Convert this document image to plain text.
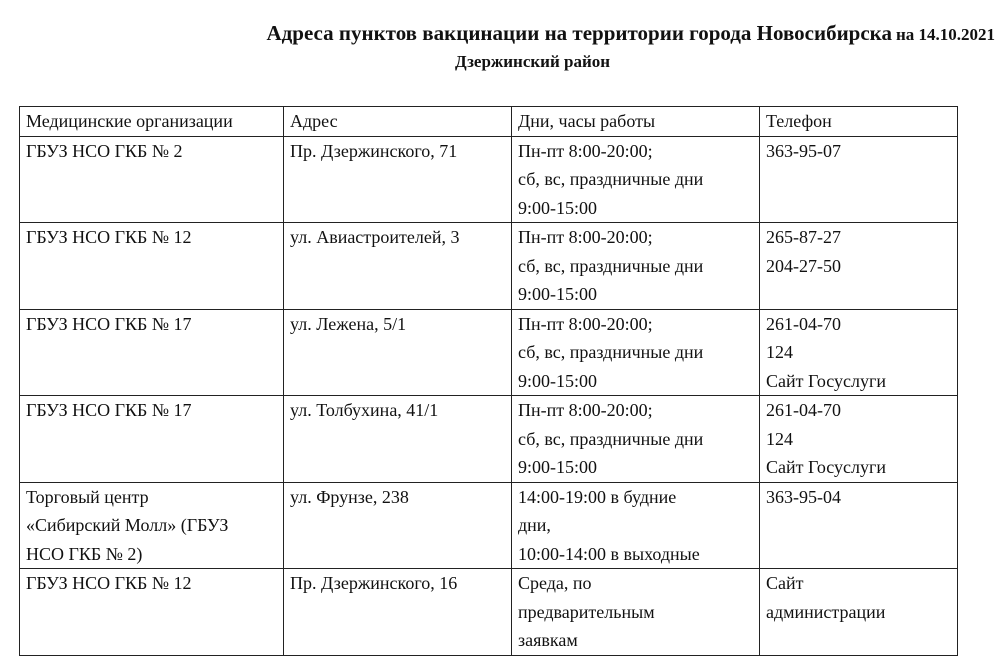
Адреса пунктов вакцинации на территории города Новосибирска на 14.10.2021
Дзержинский район
Медицинские организации	Адрес	Дни, часы работы	Телефон

ГБУЗ НСО ГКБ № 2	Пр. Дзержинского, 71	Пн-пт 8:00-20:00;
сб, вс, праздничные дни
9:00-15:00	363-95-07

ГБУЗ НСО ГКБ № 12	ул. Авиастроителей, 3	Пн-пт 8:00-20:00;
сб, вс, праздничные дни
9:00-15:00	265-87-27
204-27-50

ГБУЗ НСО ГКБ № 17	ул. Лежена, 5/1	Пн-пт 8:00-20:00;
сб, вс, праздничные дни
9:00-15:00	261-04-70
124
Сайт Госуслуги

ГБУЗ НСО ГКБ № 17	ул. Толбухина, 41/1	Пн-пт 8:00-20:00;
сб, вс, праздничные дни
9:00-15:00	261-04-70
124
Сайт Госуслуги

Торговый центр
«Сибирский Молл» (ГБУЗ
НСО ГКБ № 2)	ул. Фрунзе, 238	14:00-19:00 в будние
дни,
10:00-14:00 в выходные	363-95-04

ГБУЗ НСО ГКБ № 12	Пр. Дзержинского, 16	Среда, по
предварительным
заявкам	Сайт
администрации
